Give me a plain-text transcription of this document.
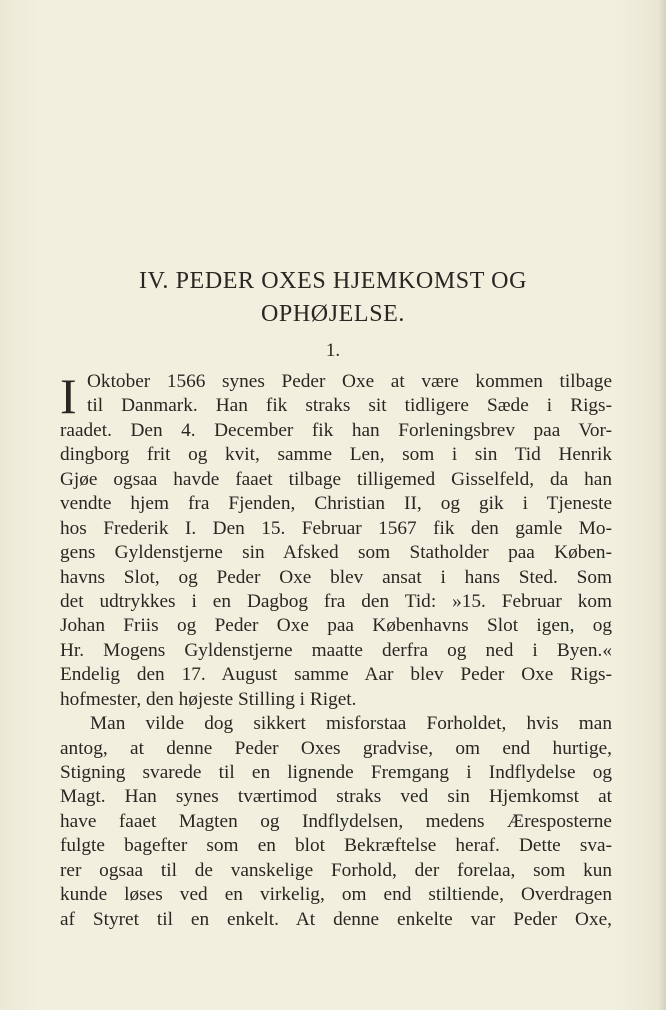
IV. PEDER OXES HJEMKOMST OG
OPHØJELSE.
1.
I Oktober 1566 synes Peder Oxe at være kommen tilbage
til Danmark. Han fik straks sit tidligere Sæde i Rigs-
raadet. Den 4. December fik han Forleningsbrev paa Vor-
dingborg frit og kvit, samme Len, som i sin Tid Henrik
Gjøe ogsaa havde faaet tilbage tilligemed Gisselfeld, da han
vendte hjem fra Fjenden, Christian II, og gik i Tjeneste
hos Frederik I. Den 15. Februar 1567 fik den gamle Mo-
gens Gyldenstjerne sin Afsked som Statholder paa Køben-
havns Slot, og Peder Oxe blev ansat i hans Sted. Som
det udtrykkes i en Dagbog fra den Tid: »15. Februar kom
Johan Friis og Peder Oxe paa Københavns Slot igen, og
Hr. Mogens Gyldenstjerne maatte derfra og ned i Byen.«
Endelig den 17. August samme Aar blev Peder Oxe Rigs-
hofmester, den højeste Stilling i Riget.
Man vilde dog sikkert misforstaa Forholdet, hvis man
antog, at denne Peder Oxes gradvise, om end hurtige,
Stigning svarede til en lignende Fremgang i Indflydelse og
Magt. Han synes tværtimod straks ved sin Hjemkomst at
have faaet Magten og Indflydelsen, medens Æresposterne
fulgte bagefter som en blot Bekræftelse heraf. Dette sva-
rer ogsaa til de vanskelige Forhold, der forelaa, som kun
kunde løses ved en virkelig, om end stiltiende, Overdragen
af Styret til en enkelt. At denne enkelte var Peder Oxe,
